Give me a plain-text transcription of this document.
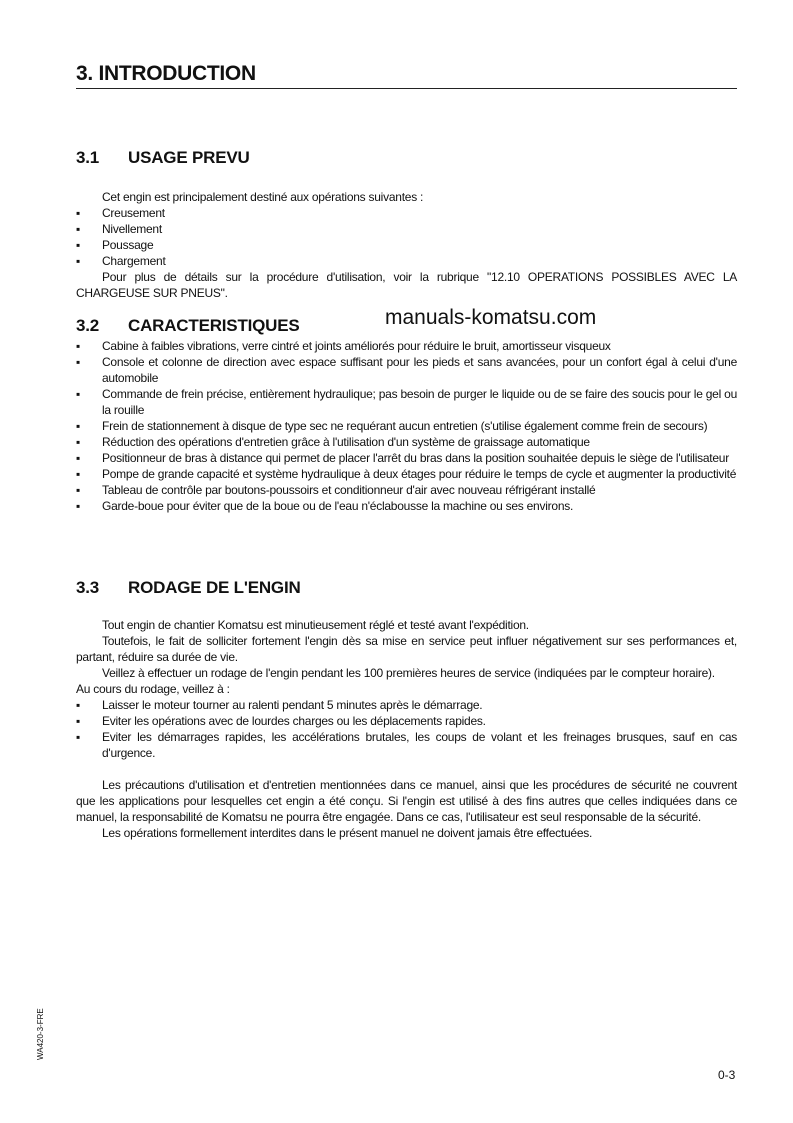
3. INTRODUCTION
3.1 USAGE PREVU

Cet engin est principalement destiné aux opérations suivantes :

▪ Creusement
▪ Nivellement
▪ Poussage
▪ Chargement

Pour plus de détails sur la procédure d'utilisation, voir la rubrique "12.10 OPERATIONS POSSIBLES AVEC LA CHARGEUSE SUR PNEUS".

3.2 CARACTERISTIQUES	manuals-komatsu.com
▪ Cabine à faibles vibrations, verre cintré et joints améliorés pour réduire le bruit, amortisseur visqueux
▪ Console et colonne de direction avec espace suffisant pour les pieds et sans avancées, pour un confort égal à celui d'une automobile
▪ Commande de frein précise, entièrement hydraulique; pas besoin de purger le liquide ou de se faire des soucis pour le gel ou la rouille
▪ Frein de stationnement à disque de type sec ne requérant aucun entretien (s'utilise également comme frein de secours)
▪ Réduction des opérations d'entretien grâce à l'utilisation d'un système de graissage automatique
▪ Positionneur de bras à distance qui permet de placer l'arrêt du bras dans la position souhaitée depuis le siège de l'utilisateur
▪ Pompe de grande capacité et système hydraulique à deux étages pour réduire le temps de cycle et augmenter la productivité
▪ Tableau de contrôle par boutons-poussoirs et conditionneur d'air avec nouveau réfrigérant installé
▪ Garde-boue pour éviter que de la boue ou de l'eau n'éclabousse la machine ou ses environs.
3.3 RODAGE DE L'ENGIN

Tout engin de chantier Komatsu est minutieusement réglé et testé avant l'expédition.

Toutefois, le fait de solliciter fortement l'engin dès sa mise en service peut influer négativement sur ses performances et, partant, réduire sa durée de vie.

Veillez à effectuer un rodage de l'engin pendant les 100 premières heures de service (indiquées par le compteur horaire).

Au cours du rodage, veillez à :

▪ Laisser le moteur tourner au ralenti pendant 5 minutes après le démarrage.
▪ Eviter les opérations avec de lourdes charges ou les déplacements rapides.
▪ Eviter les démarrages rapides, les accélérations brutales, les coups de volant et les freinages brusques, sauf en cas d'urgence.

Les précautions d'utilisation et d'entretien mentionnées dans ce manuel, ainsi que les procédures de sécurité ne couvrent que les applications pour lesquelles cet engin a été conçu. Si l'engin est utilisé à des fins autres que celles indiquées dans ce manuel, la responsabilité de Komatsu ne pourra être engagée. Dans ce cas, l'utilisateur est seul responsable de la sécurité.

Les opérations formellement interdites dans le présent manuel ne doivent jamais être effectuées.

WA420-3-FRE
0-3
